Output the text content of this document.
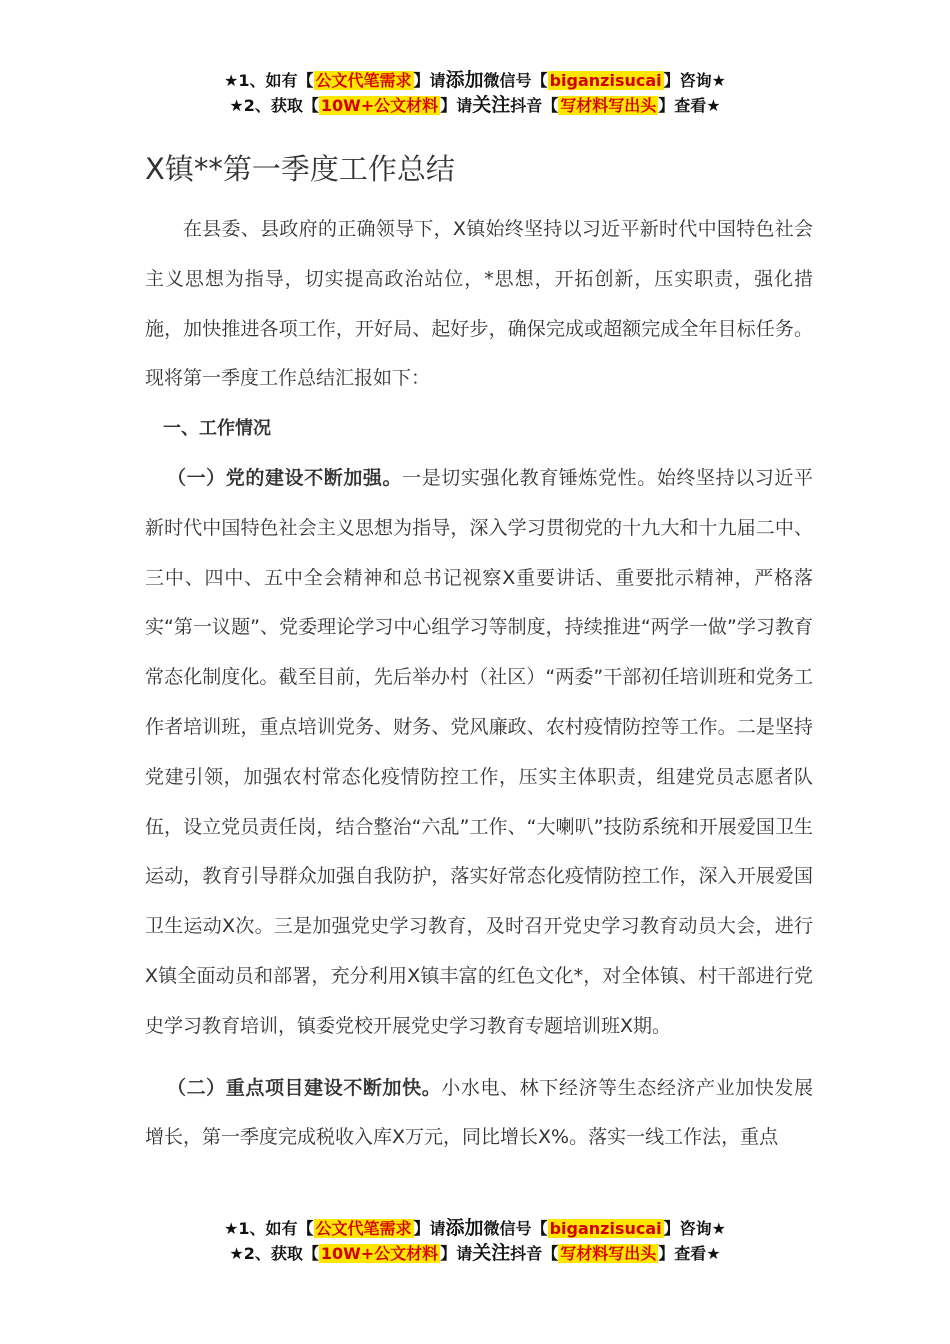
★1、如有【 公文代笔需求 】请添加微信号【 biganzisucai 】咨询★
★2、获取【 10W+公文材料 】请关注抖音【 写材料写出头 】查看★
X镇**第一季度工作总结

在县委、县政府的正确领导下，X镇始终坚持以习近平新时代中国特色社会主义思想为指导，切实提高政治站位，*思想，开拓创新，压实职责，强化措施，加快推进各项工作，开好局、起好步，确保完成或超额完成全年目标任务。现将第一季度工作总结汇报如下：

一、工作情况

（一）党的建设不断加强。一是切实强化教育锤炼党性。始终坚持以习近平新时代中国特色社会主义思想为指导，深入学习贯彻党的十九大和十九届二中、三中、四中、五中全会精神和总书记视察X重要讲话、重要批示精神，严格落实“第一议题”、党委理论学习中心组学习等制度，持续推进“两学一做”学习教育常态化制度化。截至目前，先后举办村（社区）“两委”干部初任培训班和党务工作者培训班，重点培训党务、财务、党风廉政、农村疫情防控等工作。二是坚持党建引领，加强农村常态化疫情防控工作，压实主体职责，组建党员志愿者队伍，设立党员责任岗，结合整治“六乱”工作、“大喇叭”技防系统和开展爱国卫生运动，教育引导群众加强自我防护，落实好常态化疫情防控工作，深入开展爱国卫生运动X次。三是加强党史学习教育，及时召开党史学习教育动员大会，进行X镇全面动员和部署，充分利用X镇丰富的红色文化*，对全体镇、村干部进行党史学习教育培训，镇委党校开展党史学习教育专题培训班X期。

（二）重点项目建设不断加快。小水电、林下经济等生态经济产业加快发展增长，第一季度完成税收入库X万元，同比增长X%。落实一线工作法，重点

★1、如有【 公文代笔需求 】请添加微信号【 biganzisucai 】咨询★
★2、获取【 10W+公文材料 】请关注抖音【 写材料写出头 】查看★
